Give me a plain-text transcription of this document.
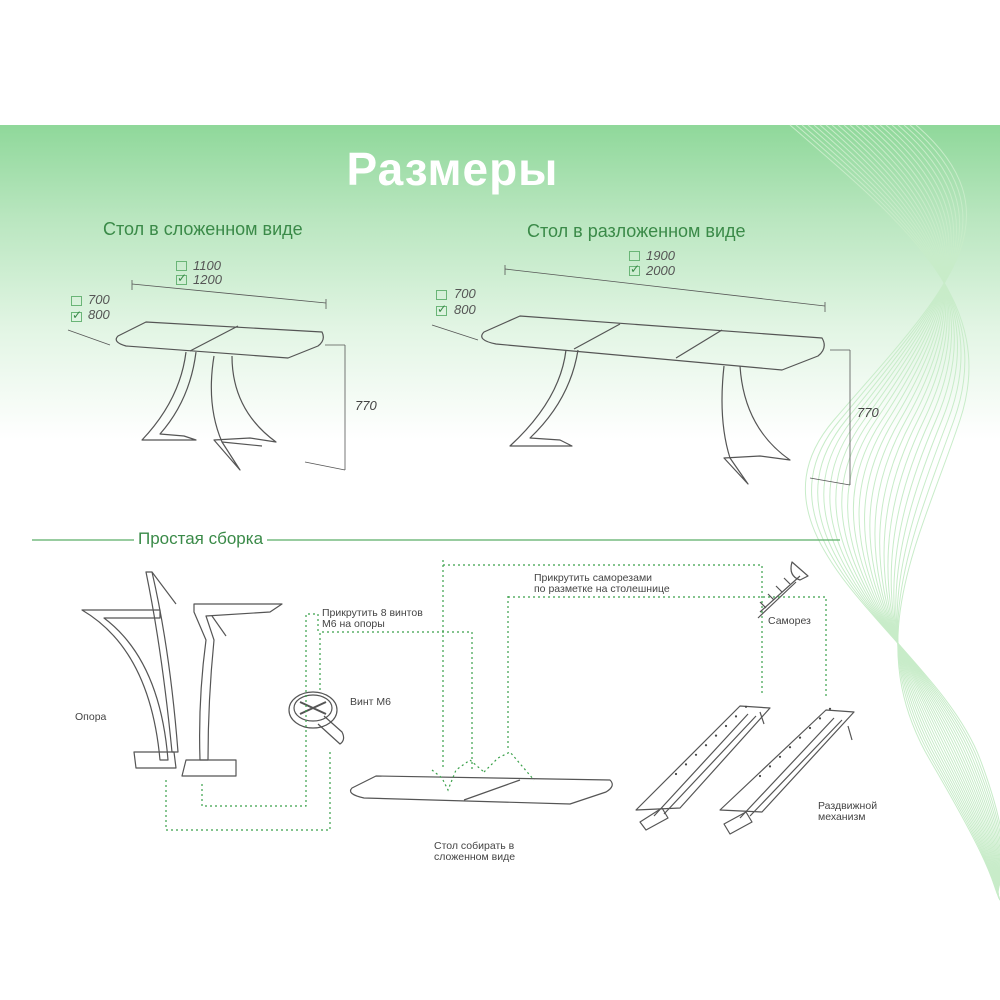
Размеры
Стол в сложенном виде	Стол в разложенном виде
1100
✓ 1200
700
✓ 800
770
1900
✓ 2000
700
✓ 800
770
Простая сборка
Опора
Винт М6
Прикрутить 8 винтов
М6 на опоры
Прикрутить саморезами
по разметке на столешнице
Саморез
Стол собирать в
сложенном виде
Раздвижной
механизм
